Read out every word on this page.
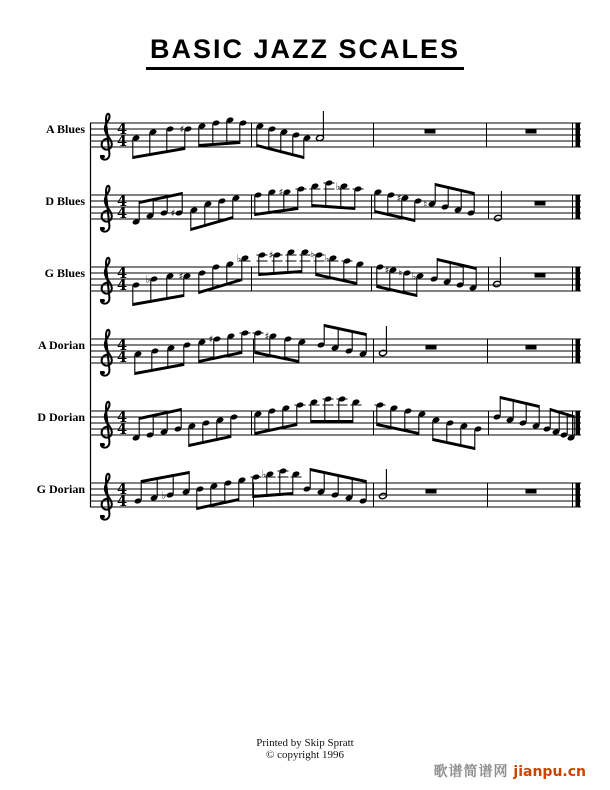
BASIC JAZZ SCALES
4
4
♯
4
4	♯
♯
♭
♯
♮
4
4 ♭	♯
♭	♯	♮ ♭
♯ ♮ ♭
4
4
♯	♯
4
4
4
4	♭
♭
A Blues
D Blues
G Blues
A Dorian
D Dorian
G Dorian
Printed by Skip Spratt
© copyright 1996
歌谱简谱网 jianpu.cn
